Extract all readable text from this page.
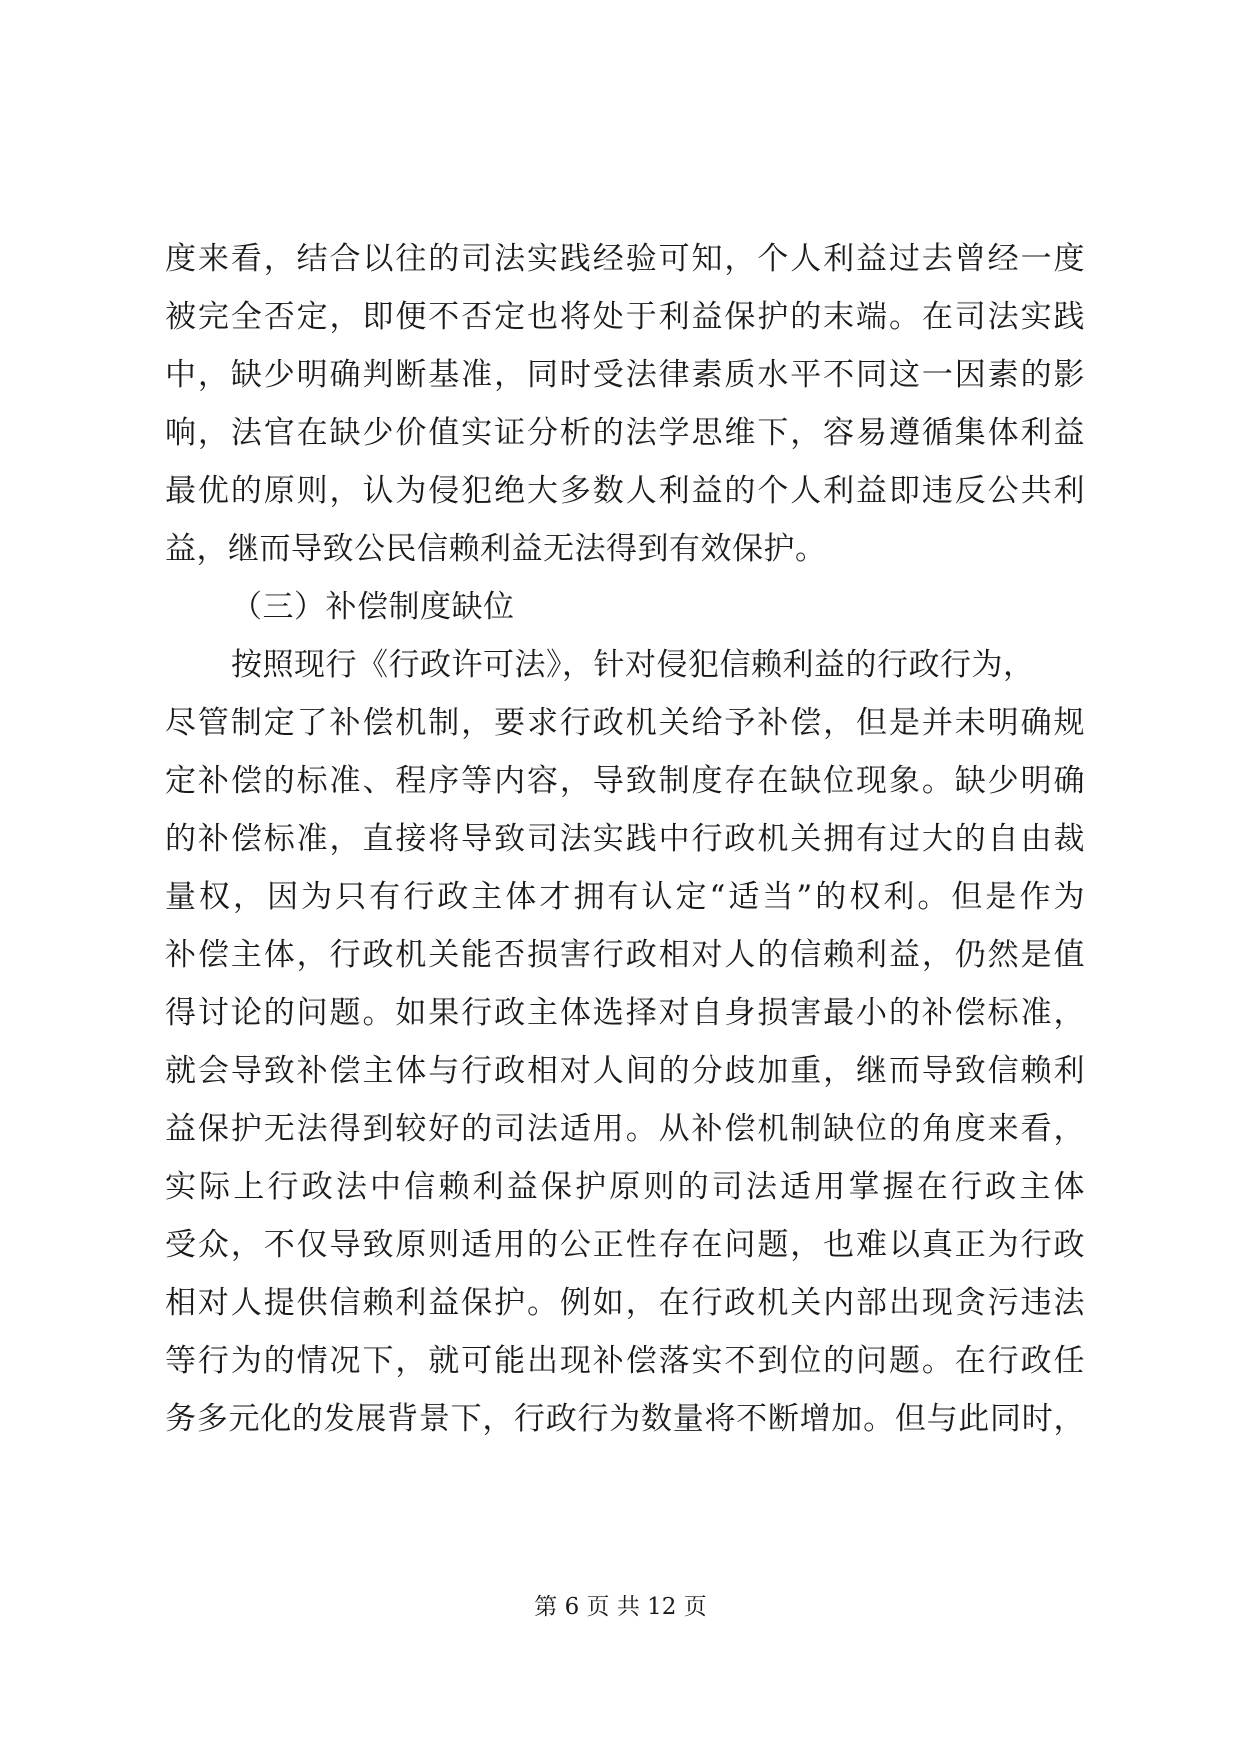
度来看，结合以往的司法实践经验可知，个人利益过去曾经一度
被完全否定，即便不否定也将处于利益保护的末端。在司法实践
中，缺少明确判断基准，同时受法律素质水平不同这一因素的影
响，法官在缺少价值实证分析的法学思维下，容易遵循集体利益
最优的原则，认为侵犯绝大多数人利益的个人利益即违反公共利
益，继而导致公民信赖利益无法得到有效保护。
（三）补偿制度缺位
按照现行《行政许可法》，针对侵犯信赖利益的行政行为，
尽管制定了补偿机制，要求行政机关给予补偿，但是并未明确规
定补偿的标准、程序等内容，导致制度存在缺位现象。缺少明确
的补偿标准，直接将导致司法实践中行政机关拥有过大的自由裁
量权，因为只有行政主体才拥有认定“适当”的权利。但是作为
补偿主体，行政机关能否损害行政相对人的信赖利益，仍然是值
得讨论的问题。如果行政主体选择对自身损害最小的补偿标准，
就会导致补偿主体与行政相对人间的分歧加重，继而导致信赖利
益保护无法得到较好的司法适用。从补偿机制缺位的角度来看，
实际上行政法中信赖利益保护原则的司法适用掌握在行政主体
受众，不仅导致原则适用的公正性存在问题，也难以真正为行政
相对人提供信赖利益保护。例如，在行政机关内部出现贪污违法
等行为的情况下，就可能出现补偿落实不到位的问题。在行政任
务多元化的发展背景下，行政行为数量将不断增加。但与此同时，
第 6 页 共 12 页
